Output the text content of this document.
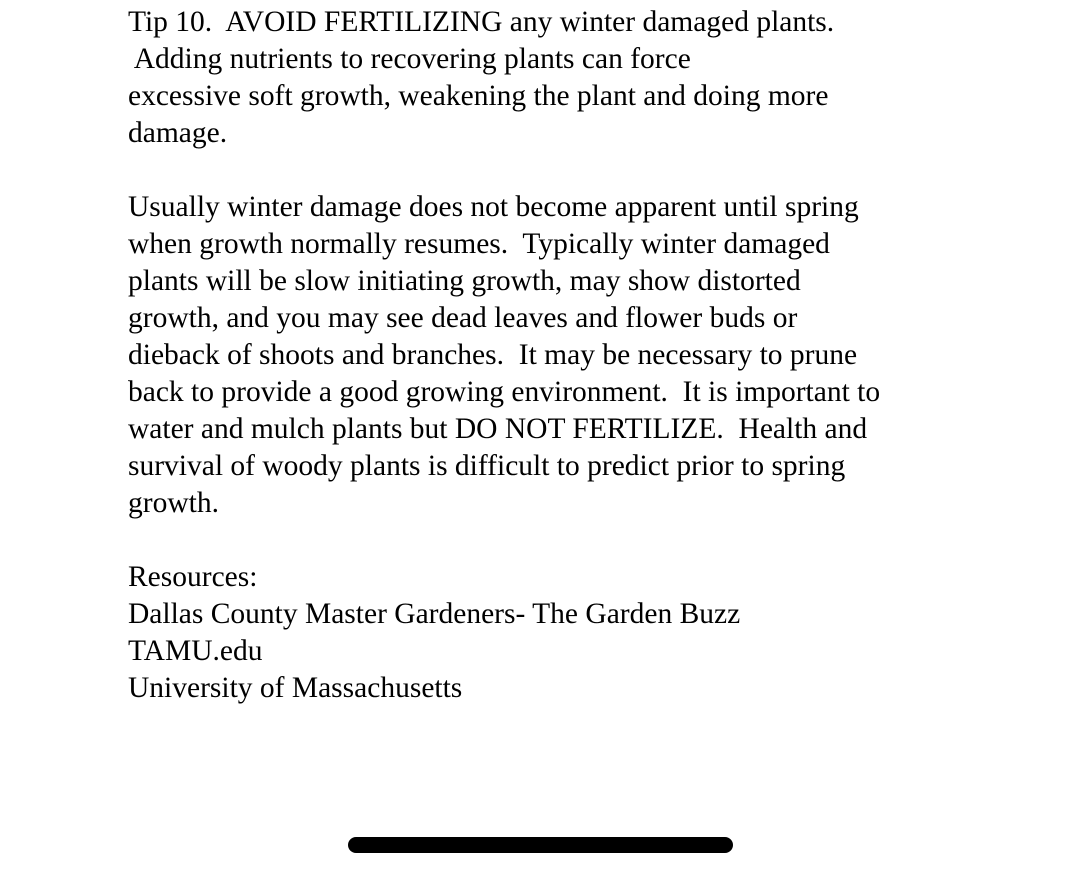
Tip 10.  AVOID FERTILIZING any winter damaged plants.
Adding nutrients to recovering plants can force
excessive soft growth, weakening the plant and doing more
damage.
Usually winter damage does not become apparent until spring
when growth normally resumes.  Typically winter damaged
plants will be slow initiating growth, may show distorted
growth, and you may see dead leaves and flower buds or
dieback of shoots and branches.  It may be necessary to prune
back to provide a good growing environment.  It is important to
water and mulch plants but DO NOT FERTILIZE.  Health and
survival of woody plants is difficult to predict prior to spring
growth.
Resources:
Dallas County Master Gardeners- The Garden Buzz
TAMU.edu
University of Massachusetts
